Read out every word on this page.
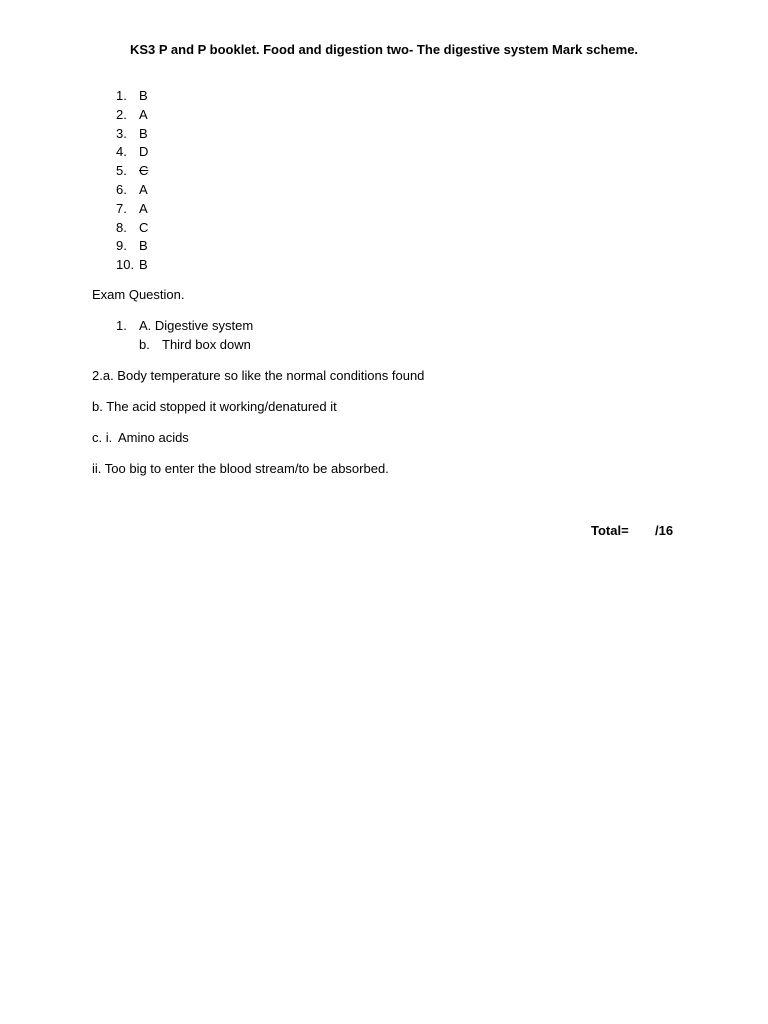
KS3 P and P booklet. Food and digestion two- The digestive system Mark scheme.
1. B
2. A
3. B
4. D
5. C
6. A
7. A
8. C
9. B
10. B
Exam Question.
1. A. Digestive system
b. Third box down
2.a. Body temperature so like the normal conditions found
b. The acid stopped it working/denatured it
c. i. Amino acids
ii. Too big to enter the blood stream/to be absorbed.
Total= /16
